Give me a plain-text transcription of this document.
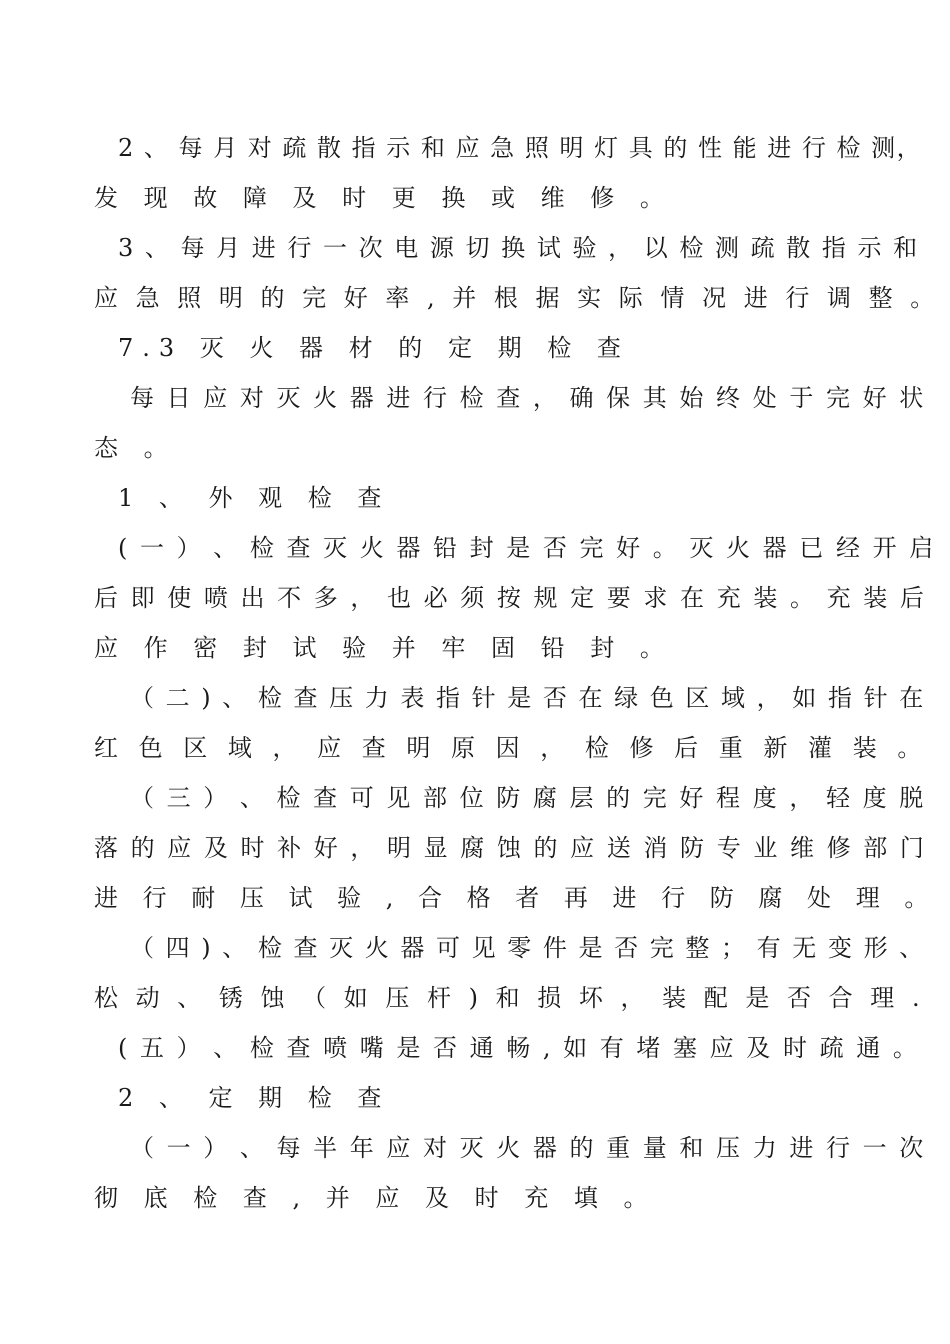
2 、 每 月 对 疏 散 指 示 和 应 急 照 明 灯 具 的 性 能 进 行 检 测，
发 现 故 障 及 时 更 换 或 维 修 。
3 、 每 月 进 行 一 次 电 源 切 换 试 验 ， 以 检 测 疏 散 指 示 和
应 急 照 明 的 完 好 率 , 并 根 据 实 际 情 况 进 行 调 整 。
7.3 灭 火 器 材 的 定 期 检 查
每 日 应 对 灭 火 器 进 行 检 查 ， 确 保 其 始 终 处 于 完 好 状
态 。
1 、 外 观 检 查
( 一 ） 、 检 查 灭 火 器 铅 封 是 否 完 好 。 灭 火 器 已 经 开 启
后 即 使 喷 出 不 多 ， 也 必 须 按 规 定 要 求 在 充 装 。 充 装 后
应 作 密 封 试 验 并 牢 固 铅 封 。
（ 二 ) 、 检 查 压 力 表 指 针 是 否 在 绿 色 区 域 ， 如 指 针 在
红 色 区 域 ， 应 查 明 原 因 ， 检 修 后 重 新 灌 装 。
（ 三 ） 、 检 查 可 见 部 位 防 腐 层 的 完 好 程 度 ， 轻 度 脱
落 的 应 及 时 补 好 ， 明 显 腐 蚀 的 应 送 消 防 专 业 维 修 部 门
进 行 耐 压 试 验 , 合 格 者 再 进 行 防 腐 处 理 。
（ 四 ) 、 检 查 灭 火 器 可 见 零 件 是 否 完 整 ； 有 无 变 形 、
松 动 、 锈 蚀 （ 如 压 杆 ) 和 损 坏 ， 装 配 是 否 合 理 .
( 五 ） 、 检 查 喷 嘴 是 否 通 畅 , 如 有 堵 塞 应 及 时 疏 通 。
2 、 定 期 检 查
（ 一 ） 、 每 半 年 应 对 灭 火 器 的 重 量 和 压 力 进 行 一 次
彻 底 检 查 , 并 应 及 时 充 填 。
